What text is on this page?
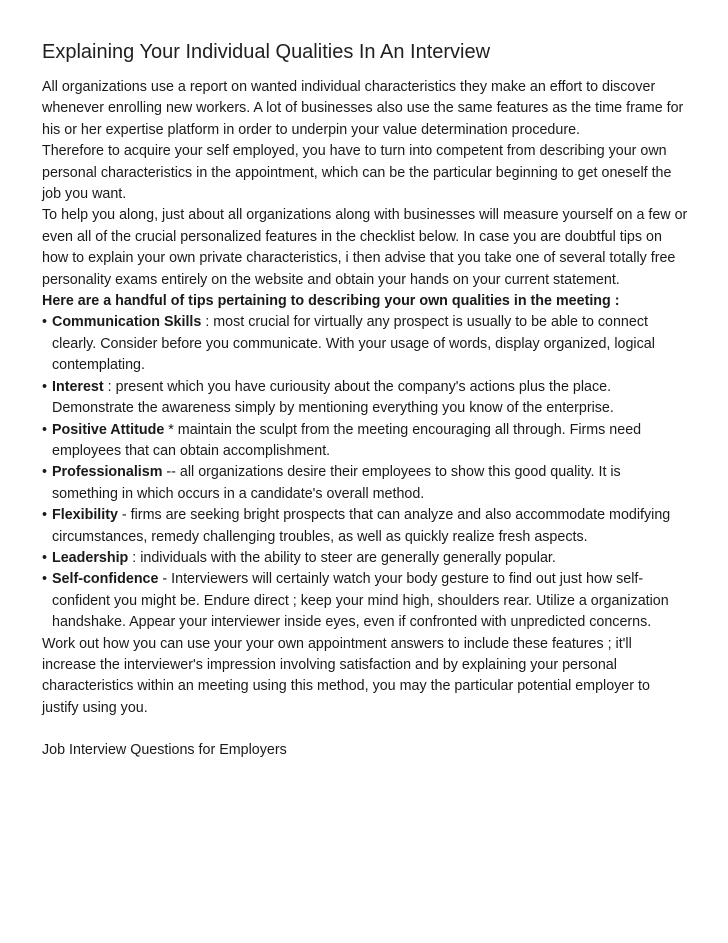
Explaining Your Individual Qualities In An Interview

All organizations use a report on wanted individual characteristics they make an effort to discover whenever enrolling new workers. A lot of businesses also use the same features as the time frame for his or her expertise platform in order to underpin your value determination procedure.

Therefore to acquire your self employed, you have to turn into competent from describing your own personal characteristics in the appointment, which can be the particular beginning to get oneself the job you want.

To help you along, just about all organizations along with businesses will measure yourself on a few or even all of the crucial personalized features in the checklist below. In case you are doubtful tips on how to explain your own private characteristics, i then advise that you take one of several totally free personality exams entirely on the website and obtain your hands on your current statement.

Here are a handful of tips pertaining to describing your own qualities in the meeting :

• Communication Skills : most crucial for virtually any prospect is usually to be able to connect clearly. Consider before you communicate. With your usage of words, display organized, logical contemplating.

• Interest : present which you have curiousity about the company's actions plus the place. Demonstrate the awareness simply by mentioning everything you know of the enterprise.

• Positive Attitude * maintain the sculpt from the meeting encouraging all through. Firms need employees that can obtain accomplishment.

• Professionalism -- all organizations desire their employees to show this good quality. It is something in which occurs in a candidate's overall method.

• Flexibility - firms are seeking bright prospects that can analyze and also accommodate modifying circumstances, remedy challenging troubles, as well as quickly realize fresh aspects.

• Leadership : individuals with the ability to steer are generally generally popular.

• Self-confidence - Interviewers will certainly watch your body gesture to find out just how self-confident you might be. Endure direct ; keep your mind high, shoulders rear. Utilize a organization handshake. Appear your interviewer inside eyes, even if confronted with unpredicted concerns.

Work out how you can use your your own appointment answers to include these features ; it'll increase the interviewer's impression involving satisfaction and by explaining your personal characteristics within an meeting using this method, you may the particular potential employer to justify using you.

Job Interview Questions for Employers
